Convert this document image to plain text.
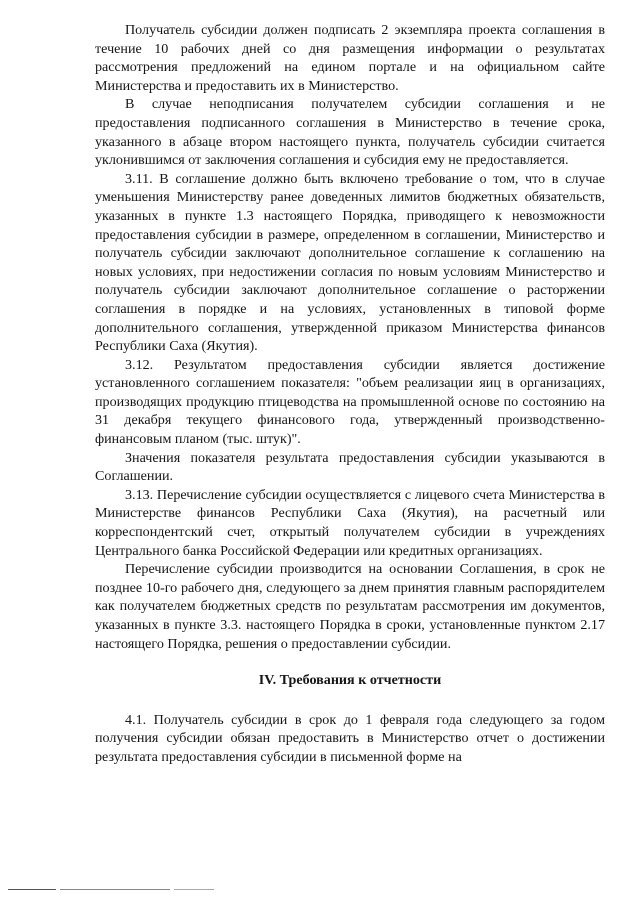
Получатель субсидии должен подписать 2 экземпляра проекта соглашения в течение 10 рабочих дней со дня размещения информации о результатах рассмотрения предложений на едином портале и на официальном сайте Министерства и предоставить их в Министерство.

В случае неподписания получателем субсидии соглашения и не предоставления подписанного соглашения в Министерство в течение срока, указанного в абзаце втором настоящего пункта, получатель субсидии считается уклонившимся от заключения соглашения и субсидия ему не предоставляется.

3.11. В соглашение должно быть включено требование о том, что в случае уменьшения Министерству ранее доведенных лимитов бюджетных обязательств, указанных в пункте 1.3 настоящего Порядка, приводящего к невозможности предоставления субсидии в размере, определенном в соглашении, Министерство и получатель субсидии заключают дополнительное соглашение к соглашению на новых условиях, при недостижении согласия по новым условиям Министерство и получатель субсидии заключают дополнительное соглашение о расторжении соглашения в порядке и на условиях, установленных в типовой форме дополнительного соглашения, утвержденной приказом Министерства финансов Республики Саха (Якутия).

3.12. Результатом предоставления субсидии является достижение установленного соглашением показателя: "объем реализации яиц в организациях, производящих продукцию птицеводства на промышленной основе по состоянию на 31 декабря текущего финансового года, утвержденный производственно-финансовым планом (тыс. штук)".

Значения показателя результата предоставления субсидии указываются в Соглашении.

3.13. Перечисление субсидии осуществляется с лицевого счета Министерства в Министерстве финансов Республики Саха (Якутия), на расчетный или корреспондентский счет, открытый получателем субсидии в учреждениях Центрального банка Российской Федерации или кредитных организациях.

Перечисление субсидии производится на основании Соглашения, в срок не позднее 10-го рабочего дня, следующего за днем принятия главным распорядителем как получателем бюджетных средств по результатам рассмотрения им документов, указанных в пункте 3.3. настоящего Порядка в сроки, установленные пунктом 2.17 настоящего Порядка, решения о предоставлении субсидии.

IV. Требования к отчетности

4.1. Получатель субсидии в срок до 1 февраля года следующего за годом получения субсидии обязан предоставить в Министерство отчет о достижении результата предоставления субсидии в письменной форме на
